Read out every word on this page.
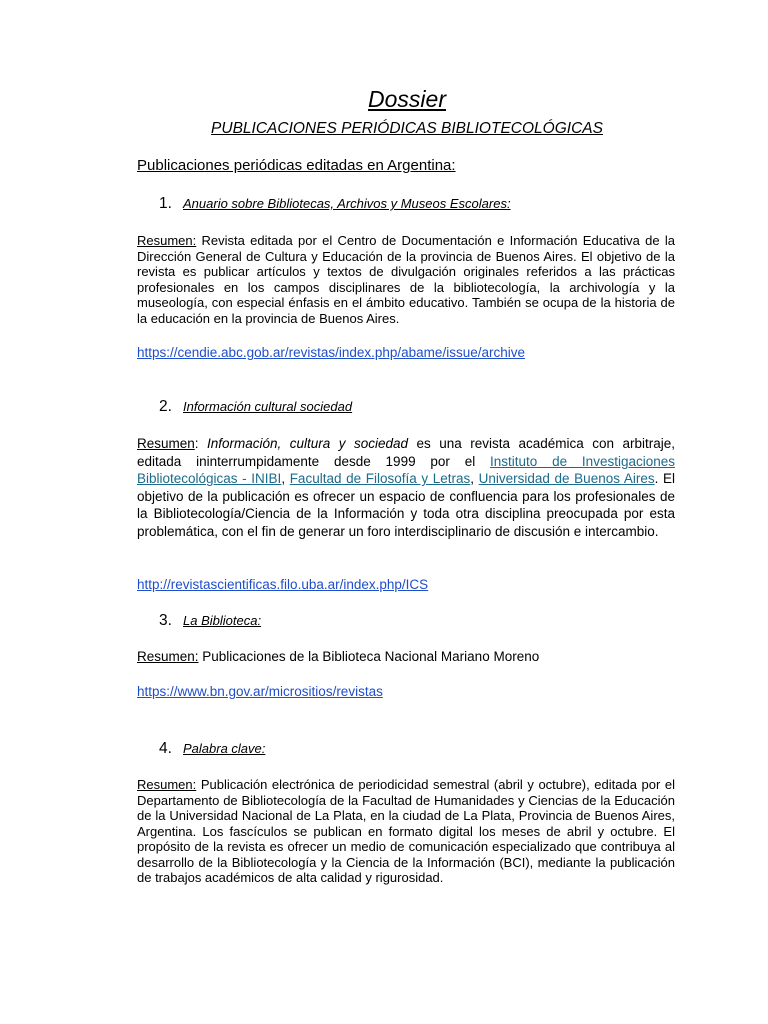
Dossier
PUBLICACIONES PERIÓDICAS BIBLIOTECOLÓGICAS
Publicaciones periódicas editadas en Argentina:
1. Anuario sobre Bibliotecas, Archivos y Museos Escolares:
Resumen: Revista editada por el Centro de Documentación e Información Educativa de la Dirección General de Cultura y Educación de la provincia de Buenos Aires. El objetivo de la revista es publicar artículos y textos de divulgación originales referidos a las prácticas profesionales en los campos disciplinares de la bibliotecología, la archivología y la museología, con especial énfasis en el ámbito educativo. También se ocupa de la historia de la educación en la provincia de Buenos Aires.
https://cendie.abc.gob.ar/revistas/index.php/abame/issue/archive
2. Información cultural sociedad
Resumen: Información, cultura y sociedad es una revista académica con arbitraje, editada ininterrumpidamente desde 1999 por el Instituto de Investigaciones Bibliotecológicas - INIBI, Facultad de Filosofía y Letras, Universidad de Buenos Aires. El objetivo de la publicación es ofrecer un espacio de confluencia para los profesionales de la Bibliotecología/Ciencia de la Información y toda otra disciplina preocupada por esta problemática, con el fin de generar un foro interdisciplinario de discusión e intercambio.
http://revistascientificas.filo.uba.ar/index.php/ICS
3. La Biblioteca:
Resumen: Publicaciones de la Biblioteca Nacional Mariano Moreno
https://www.bn.gov.ar/micrositios/revistas
4. Palabra clave:
Resumen: Publicación electrónica de periodicidad semestral (abril y octubre), editada por el Departamento de Bibliotecología de la Facultad de Humanidades y Ciencias de la Educación de la Universidad Nacional de La Plata, en la ciudad de La Plata, Provincia de Buenos Aires, Argentina. Los fascículos se publican en formato digital los meses de abril y octubre. El propósito de la revista es ofrecer un medio de comunicación especializado que contribuya al desarrollo de la Bibliotecología y la Ciencia de la Información (BCI), mediante la publicación de trabajos académicos de alta calidad y rigurosidad.
